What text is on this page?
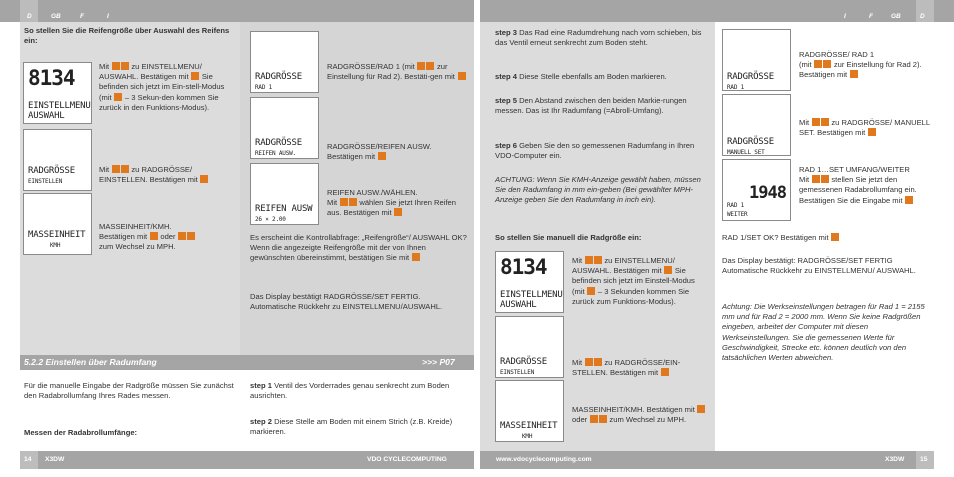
D	GB	F	I	I	F	GB	D
So stellen Sie die Reifengröße über Auswahl des Reifens ein:
8134
EINSTELLMENU
AUSWAHL
Mit  zu EINSTELLMENU/ AUSWAHL. Bestätigen mit  Sie befinden sich jetzt im Ein-stell-Modus (mit  – 3 Sekun-den kommen Sie zurück in den Funktions-Modus).
RADGRÖSSE
EINSTELLEN
Mit  zu RADGRÖSSE/ EINSTELLEN. Bestätigen mit
MASSEINHEIT
KMH
MASSEINHEIT/KMH.
Bestätigen mit  oder
zum Wechsel zu MPH.
RADGRÖSSE
RAD 1
RADGRÖSSE/RAD 1 (mit  zur Einstellung für Rad 2). Bestäti-gen mit
RADGRÖSSE
REIFEN AUSW.
RADGRÖSSE/REIFEN AUSW.
Bestätigen mit
REIFEN AUSW
26 × 2.00
REIFEN AUSW./WÄHLEN.
Mit  wählen Sie jetzt Ihren Reifen aus. Bestätigen mit
Es erscheint die Kontrollabfrage: „Reifengröße“/ AUSWAHL OK? Wenn die angezeigte Reifengröße mit der von Ihnen gewünschten übereinstimmt, bestätigen Sie mit
Das Display bestätigt RADGRÖSSE/SET FERTIG. Automatische Rückkehr zu EINSTELLMENU/AUSWAHL.
5.2.2 Einstellen über Radumfang	>>> P07
Für die manuelle Eingabe der Radgröße müssen Sie zunächst den Radabrollumfang Ihres Rades messen.
Messen der Radabrollumfänge:
step 1 Ventil des Vorderrades genau senkrecht zum Boden ausrichten.
step 2 Diese Stelle am Boden mit einem Strich (z.B. Kreide) markieren.
step 3 Das Rad eine Radumdrehung nach vorn schieben, bis das Ventil erneut senkrecht zum Boden steht.
step 4 Diese Stelle ebenfalls am Boden markieren.
step 5 Den Abstand zwischen den beiden Markie-rungen messen. Das ist Ihr Radumfang (=Abroll-Umfang).
step 6 Geben Sie den so gemessenen Radumfang in Ihren VDO-Computer ein.
ACHTUNG: Wenn Sie KMH-Anzeige gewählt haben, müssen Sie den Radumfang in mm ein-geben (Bei gewählter MPH-Anzeige geben Sie den Radumfang in inch ein).
So stellen Sie manuell die Radgröße ein:
8134
EINSTELLMENU
AUSWAHL
Mit  zu EINSTELLMENU/ AUSWAHL. Bestätigen mit  Sie befinden sich jetzt im Einstell-Modus (mit  – 3 Sekunden kommen Sie zurück zum Funktions-Modus).
RADGRÖSSE
EINSTELLEN
Mit  zu RADGRÖSSE/EIN-STELLEN. Bestätigen mit
MASSEINHEIT
KMH
MASSEINHEIT/KMH. Bestätigen mit  oder  zum Wechsel zu MPH.
RADGRÖSSE
RAD 1
RADGRÖSSE/ RAD 1
(mit  zur Einstellung für Rad 2). Bestätigen mit
RADGRÖSSE
MANUELL SET
Mit  zu RADGRÖSSE/ MANUELL SET. Bestätigen mit
1948
RAD 1
WEITER
RAD 1…SET UMFANG/WEITER
Mit  stellen Sie jetzt den gemessenen Radabrollumfang ein. Bestätigen Sie die Eingabe mit
RAD 1/SET OK? Bestätigen mit
Das Display bestätigt: RADGRÖSSE/SET FERTIG Automatische Rückkehr zu EINSTELLMENU/ AUSWAHL.
Achtung: Die Werkseinstellungen betragen für Rad 1 = 2155 mm und für Rad 2 = 2000 mm. Wenn Sie keine Radgrößen eingeben, arbeitet der Computer mit diesen Werkseinstellungen. Sie die gemessenen Werte für Geschwindigkeit, Strecke etc. können deutlich von den tatsächlichen Werten abweichen.
X3DW	VDO CYCLECOMPUTING
14	www.vdocyclecomputing.com	X3DW 15
